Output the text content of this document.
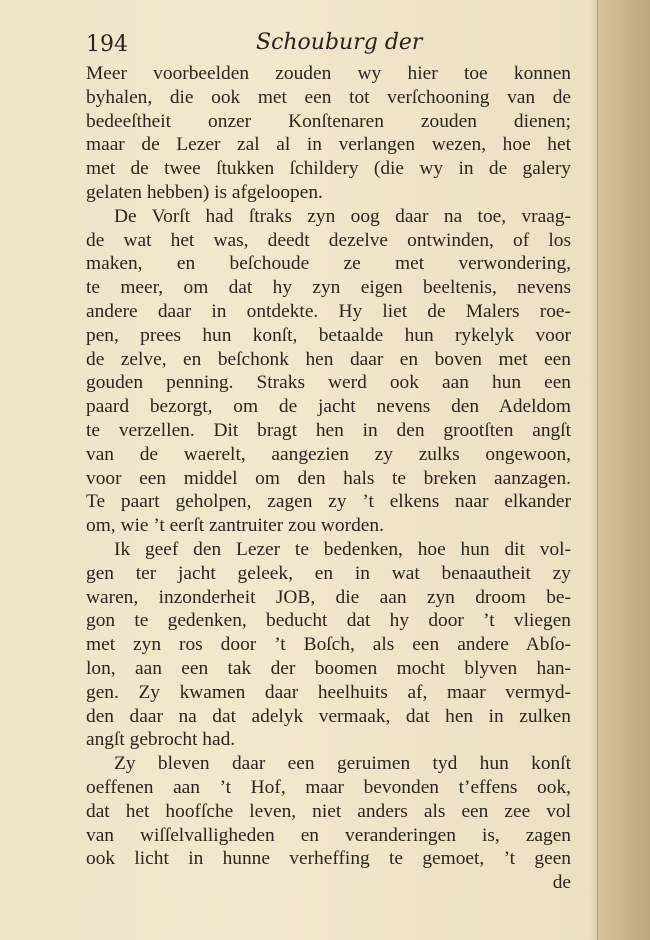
194	Schouburg der
Meer voorbeelden zouden wy hier toe konnen
byhalen, die ook met een tot verſchooning van de
bedeeſtheit onzer Konſtenaren zouden dienen;
maar de Lezer zal al in verlangen wezen, hoe het
met de twee ſtukken ſchildery (die wy in de galery
gelaten hebben) is afgeloopen.
De Vorſt had ſtraks zyn oog daar na toe, vraag-
de wat het was, deedt dezelve ontwinden, of los
maken, en beſchoude ze met verwondering,
te meer, om dat hy zyn eigen beeltenis, nevens
andere daar in ontdekte. Hy liet de Malers roe-
pen, prees hun konſt, betaalde hun rykelyk voor
de zelve, en beſchonk hen daar en boven met een
gouden penning. Straks werd ook aan hun een
paard bezorgt, om de jacht nevens den Adeldom
te verzellen. Dit bragt hen in den grootſten angſt
van de waerelt, aangezien zy zulks ongewoon,
voor een middel om den hals te breken aanzagen.
Te paart geholpen, zagen zy ’t elkens naar elkander
om, wie ’t eerſt zantruiter zou worden.
Ik geef den Lezer te bedenken, hoe hun dit vol-
gen ter jacht geleek, en in wat benaautheit zy
waren, inzonderheit JOB, die aan zyn droom be-
gon te gedenken, beducht dat hy door ’t vliegen
met zyn ros door ’t Boſch, als een andere Abſo-
lon, aan een tak der boomen mocht blyven han-
gen. Zy kwamen daar heelhuits af, maar vermyd-
den daar na dat adelyk vermaak, dat hen in zulken
angſt gebrocht had.
Zy bleven daar een geruimen tyd hun konſt
oeffenen aan ’t Hof, maar bevonden t’effens ook,
dat het hoofſche leven, niet anders als een zee vol
van wiſſelvalligheden en veranderingen is, zagen
ook licht in hunne verheffing te gemoet, ’t geen
de
